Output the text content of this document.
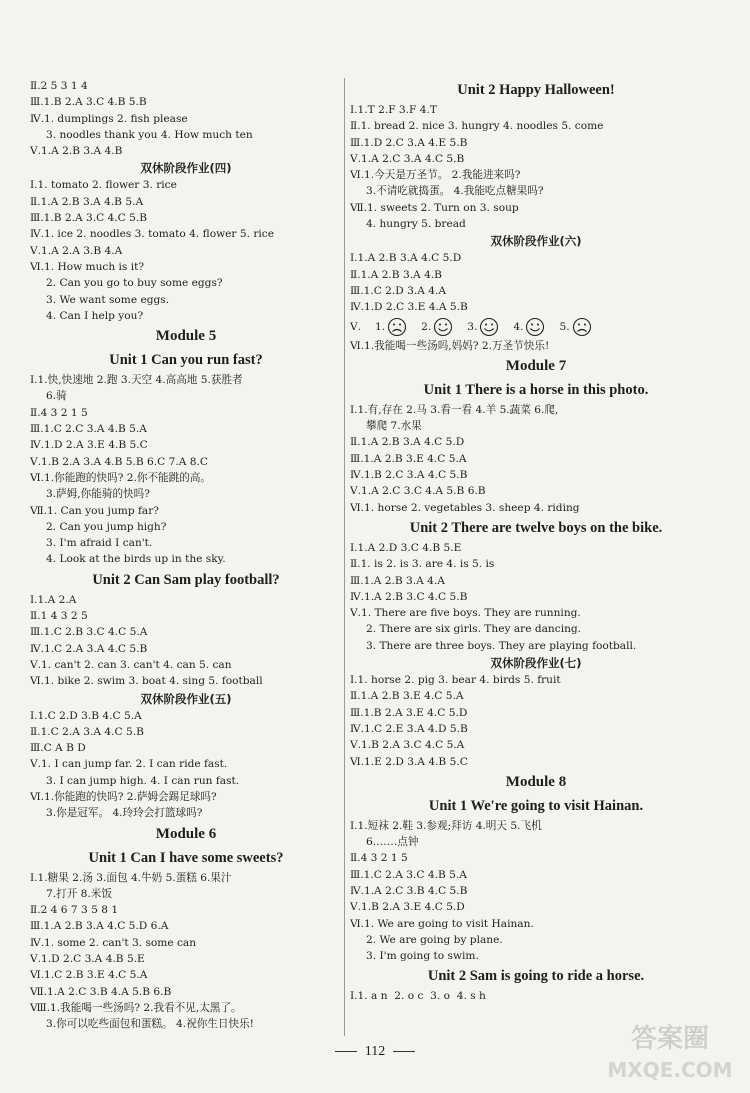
Ⅱ.2 5 3 1 4
Ⅲ.1.B 2.A 3.C 4.B 5.B
Ⅳ.1. dumplings 2. fish please
3. noodles thank you 4. How much ten
Ⅴ.1.A 2.B 3.A 4.B
双休阶段作业(四)
Ⅰ.1. tomato 2. flower 3. rice
Ⅱ.1.A 2.B 3.A 4.B 5.A
Ⅲ.1.B 2.A 3.C 4.C 5.B
Ⅳ.1. ice 2. noodles 3. tomato 4. flower 5. rice
Ⅴ.1.A 2.A 3.B 4.A
Ⅵ.1. How much is it?
2. Can you go to buy some eggs?
3. We want some eggs.
4. Can I help you?
Module 5
Unit 1 Can you run fast?
Ⅰ.1.快,快速地 2.跑 3.天空 4.高高地 5.获胜者
6.骑
Ⅱ.4 3 2 1 5
Ⅲ.1.C 2.C 3.A 4.B 5.A
Ⅳ.1.D 2.A 3.E 4.B 5.C
Ⅴ.1.B 2.A 3.A 4.B 5.B 6.C 7.A 8.C
Ⅵ.1.你能跑的快吗? 2.你不能跳的高。
3.萨姆,你能骑的快吗?
Ⅶ.1. Can you jump far?
2. Can you jump high?
3. I'm afraid I can't.
4. Look at the birds up in the sky.
Unit 2 Can Sam play football?
Ⅰ.1.A 2.A
Ⅱ.1 4 3 2 5
Ⅲ.1.C 2.B 3.C 4.C 5.A
Ⅳ.1.C 2.A 3.A 4.C 5.B
Ⅴ.1. can't 2. can 3. can't 4. can 5. can
Ⅵ.1. bike 2. swim 3. boat 4. sing 5. football
双休阶段作业(五)
Ⅰ.1.C 2.D 3.B 4.C 5.A
Ⅱ.1.C 2.A 3.A 4.C 5.B
Ⅲ.C A B D
Ⅴ.1. I can jump far. 2. I can ride fast.
3. I can jump high. 4. I can run fast.
Ⅵ.1.你能跑的快吗? 2.萨姆会踢足球吗?
3.你是冠军。 4.玲玲会打篮球吗?
Module 6
Unit 1 Can I have some sweets?
Ⅰ.1.糖果 2.汤 3.面包 4.牛奶 5.蛋糕 6.果汁
7.打开 8.米饭
Ⅱ.2 4 6 7 3 5 8 1
Ⅲ.1.A 2.B 3.A 4.C 5.D 6.A
Ⅳ.1. some 2. can't 3. some can
Ⅴ.1.D 2.C 3.A 4.B 5.E
Ⅵ.1.C 2.B 3.E 4.C 5.A
Ⅶ.1.A 2.C 3.B 4.A 5.B 6.B
Ⅷ.1.我能喝一些汤吗? 2.我看不见,太黑了。
3.你可以吃些面包和蛋糕。 4.祝你生日快乐!
Unit 2 Happy Halloween!
Ⅰ.1.T 2.F 3.F 4.T
Ⅱ.1. bread 2. nice 3. hungry 4. noodles 5. come
Ⅲ.1.D 2.C 3.A 4.E 5.B
Ⅴ.1.A 2.C 3.A 4.C 5.B
Ⅵ.1.今天是万圣节。 2.我能进来吗?
3.不请吃就捣蛋。 4.我能吃点糖果吗?
Ⅶ.1. sweets 2. Turn on 3. soup
4. hungry 5. bread
双休阶段作业(六)
Ⅰ.1.A 2.B 3.A 4.C 5.D
Ⅱ.1.A 2.B 3.A 4.B
Ⅲ.1.C 2.D 3.A 4.A
Ⅳ.1.D 2.C 3.E 4.A 5.B
Ⅴ. 1.	2.	3.	4.	5.
Ⅵ.1.我能喝一些汤吗,妈妈? 2.万圣节快乐!
Module 7
Unit 1 There is a horse in this photo.
Ⅰ.1.有,存在 2.马 3.看一看 4.羊 5.蔬菜 6.爬,
攀爬 7.水果
Ⅱ.1.A 2.B 3.A 4.C 5.D
Ⅲ.1.A 2.B 3.E 4.C 5.A
Ⅳ.1.B 2.C 3.A 4.C 5.B
Ⅴ.1.A 2.C 3.C 4.A 5.B 6.B
Ⅵ.1. horse 2. vegetables 3. sheep 4. riding
Unit 2 There are twelve boys on the bike.
Ⅰ.1.A 2.D 3.C 4.B 5.E
Ⅱ.1. is 2. is 3. are 4. is 5. is
Ⅲ.1.A 2.B 3.A 4.A
Ⅳ.1.A 2.B 3.C 4.C 5.B
Ⅴ.1. There are five boys. They are running.
2. There are six girls. They are dancing.
3. There are three boys. They are playing football.
双休阶段作业(七)
Ⅰ.1. horse 2. pig 3. bear 4. birds 5. fruit
Ⅱ.1.A 2.B 3.E 4.C 5.A
Ⅲ.1.B 2.A 3.E 4.C 5.D
Ⅳ.1.C 2.E 3.A 4.D 5.B
Ⅴ.1.B 2.A 3.C 4.C 5.A
Ⅵ.1.E 2.D 3.A 4.B 5.C
Module 8
Unit 1 We're going to visit Hainan.
Ⅰ.1.短袜 2.鞋 3.参观;拜访 4.明天 5.飞机
6.……点钟
Ⅱ.4 3 2 1 5
Ⅲ.1.C 2.A 3.C 4.B 5.A
Ⅳ.1.A 2.C 3.B 4.C 5.B
Ⅴ.1.B 2.A 3.E 4.C 5.D
Ⅵ.1. We are going to visit Hainan.
2. We are going by plane.
3. I'm going to swim.
Unit 2 Sam is going to ride a horse.
Ⅰ.1. a n  2. o c  3. o  4. s h
112	答案圈
MXQE.COM
